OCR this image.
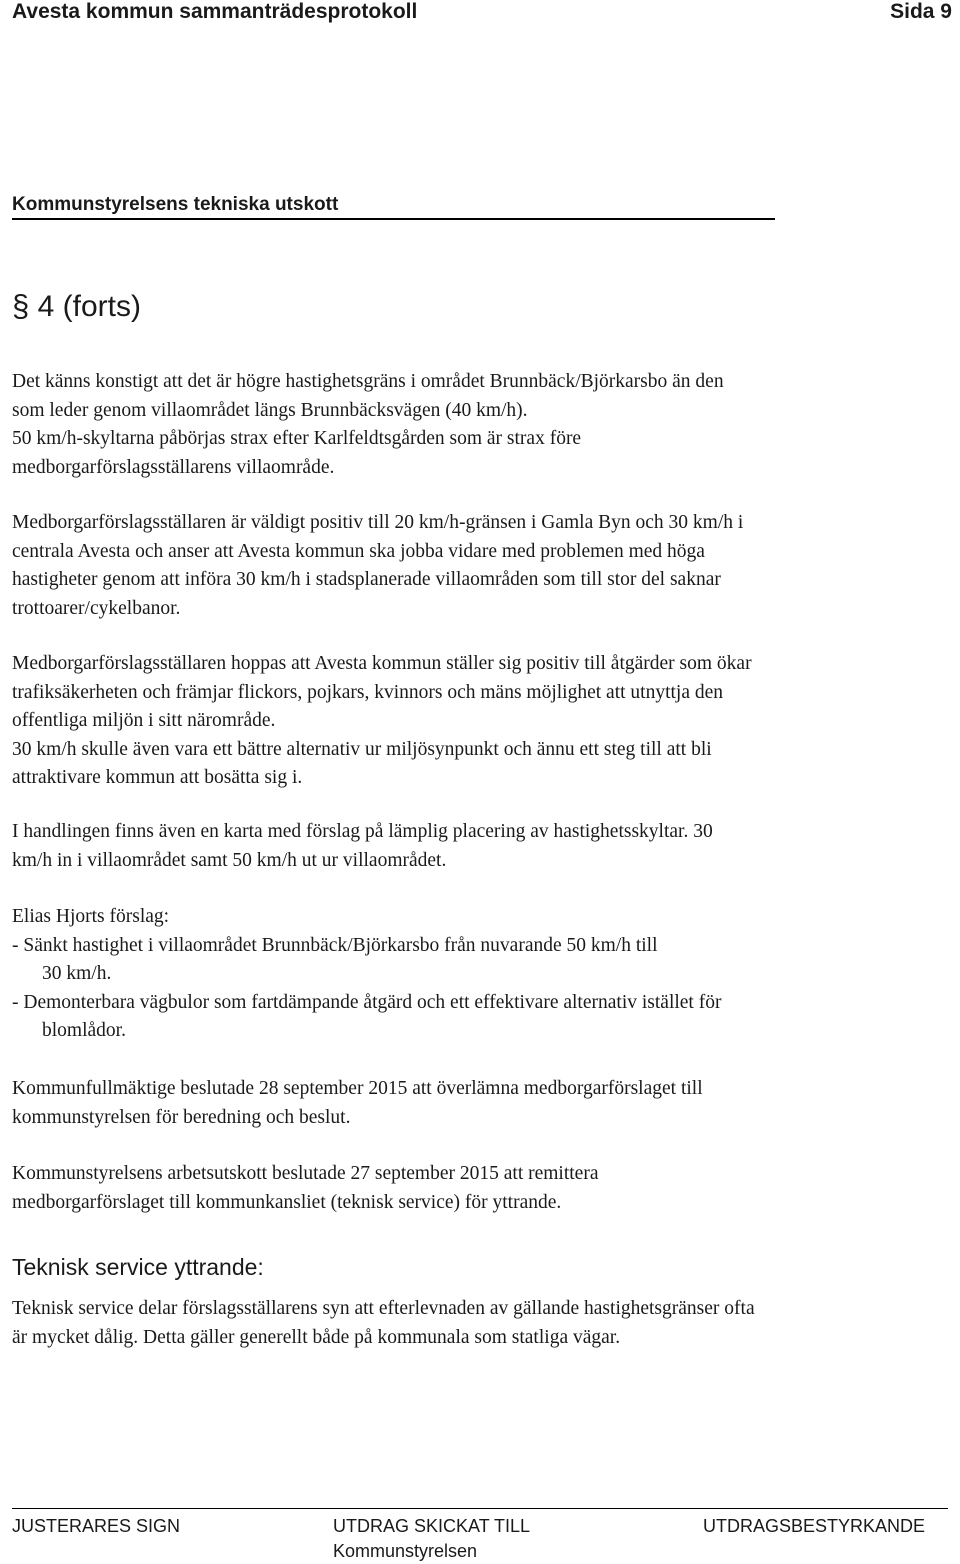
Avesta kommun sammanträdesprotokoll	Sida 9
Kommunstyrelsens tekniska utskott
§ 4 (forts)
Det känns konstigt att det är högre hastighetsgräns i området Brunnbäck/Björkarsbo än den
som leder genom villaområdet längs Brunnbäcksvägen (40 km/h).
50 km/h-skyltarna påbörjas strax efter Karlfeldtsgården som är strax före
medborgarförslagsställarens villaområde.
Medborgarförslagsställaren är väldigt positiv till 20 km/h-gränsen i Gamla Byn och 30 km/h i
centrala Avesta och anser att Avesta kommun ska jobba vidare med problemen med höga
hastigheter genom att införa 30 km/h i stadsplanerade villaområden som till stor del saknar
trottoarer/cykelbanor.
Medborgarförslagsställaren hoppas att Avesta kommun ställer sig positiv till åtgärder som ökar
trafiksäkerheten och främjar flickors, pojkars, kvinnors och mäns möjlighet att utnyttja den
offentliga miljön i sitt närområde.
30 km/h skulle även vara ett bättre alternativ ur miljösynpunkt och ännu ett steg till att bli
attraktivare kommun att bosätta sig i.
I handlingen finns även en karta med förslag på lämplig placering av hastighetsskyltar. 30
km/h in i villaområdet samt 50 km/h ut ur villaområdet.
Elias Hjorts förslag:
- Sänkt hastighet i villaområdet Brunnbäck/Björkarsbo från nuvarande 50 km/h till
30 km/h.
- Demonterbara vägbulor som fartdämpande åtgärd och ett effektivare alternativ istället för
blomlådor.
Kommunfullmäktige beslutade 28 september 2015 att överlämna medborgarförslaget till
kommunstyrelsen för beredning och beslut.
Kommunstyrelsens arbetsutskott beslutade 27 september 2015 att remittera
medborgarförslaget till kommunkansliet (teknisk service) för yttrande.
Teknisk service yttrande:
Teknisk service delar förslagsställarens syn att efterlevnaden av gällande hastighetsgränser ofta
är mycket dålig. Detta gäller generellt både på kommunala som statliga vägar.
JUSTERARES SIGN	UTDRAG SKICKAT TILL
Kommunstyrelsen
UTDRAGSBESTYRKANDE
